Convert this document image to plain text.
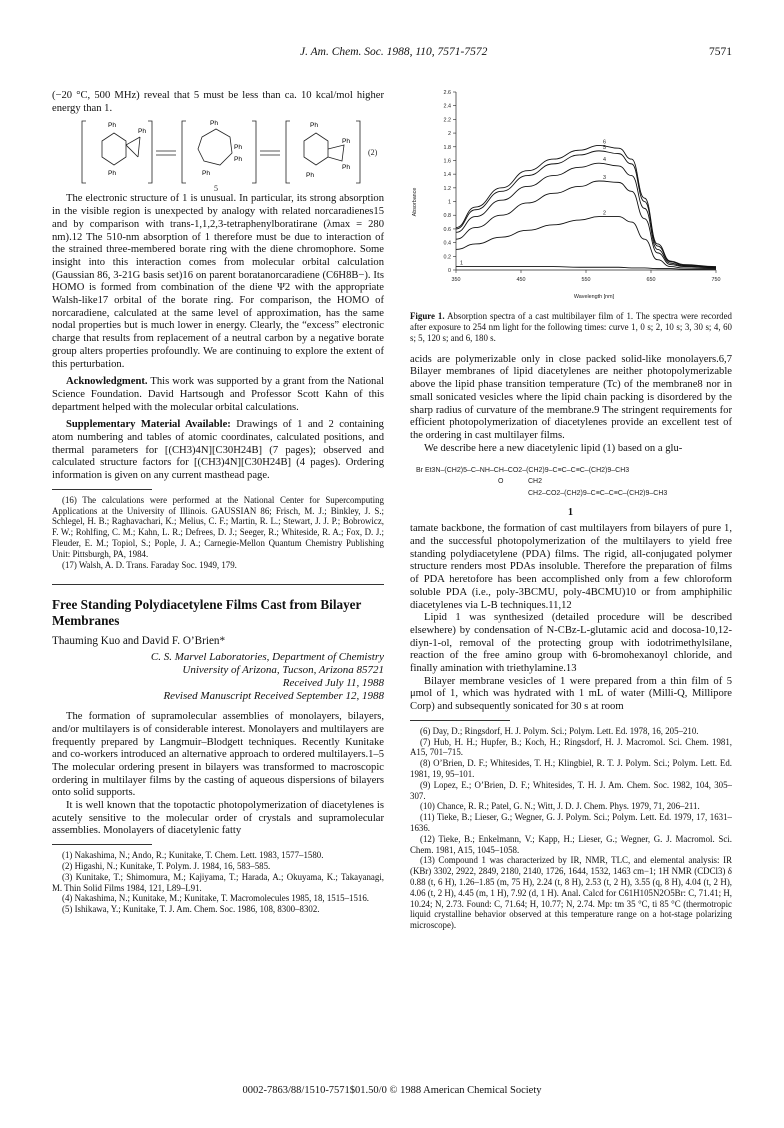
J. Am. Chem. Soc. 1988, 110, 7571-7572	7571

(−20 °C, 500 MHz) reveal that 5 must be less than ca. 10 kcal/mol higher energy than 1.

Ph
Ph
Ph
Ph
Ph
Ph
Ph
Ph
Ph
Ph
Ph
5
(2)

The electronic structure of 1 is unusual. In particular, its strong absorption in the visible region is unexpected by analogy with related norcaradienes15 and by comparison with trans-1,1,2,3-tetraphenylboratirane (λmax = 280 nm).12 The 510-nm absorption of 1 therefore must be due to interaction of the strained three-membered borate ring with the diene chromophore. Some insight into this interaction comes from molecular orbital calculation (Gaussian 86, 3-21G basis set)16 on parent boratanorcaradiene (C6H8B−). Its HOMO is formed from combination of the diene Ψ2 with the appropriate Walsh-like17 orbital of the borate ring. For comparison, the HOMO of norcaradiene, calculated at the same level of approximation, has the same nodal properties but is much lower in energy. Clearly, the “excess” electronic charge that results from replacement of a neutral carbon by a negative borate group alters properties profoundly. We are continuing to explore the extent of this perturbation.

Acknowledgment. This work was supported by a grant from the National Science Foundation. David Hartsough and Professor Scott Kahn of this department helped with the molecular orbital calculations.

Supplementary Material Available: Drawings of 1 and 2 containing atom numbering and tables of atomic coordinates, calculated positions, and thermal parameters for [(CH3)4N][C30H24B] (7 pages); observed and calculated structure factors for [(CH3)4N][C30H24B] (4 pages). Ordering information is given on any current masthead page.

(16) The calculations were performed at the National Center for Supercomputing Applications at the University of Illinois. GAUSSIAN 86; Frisch, M. J.; Binkley, J. S.; Schlegel, H. B.; Raghavachari, K.; Melius, C. F.; Martin, R. L.; Stewart, J. J. P.; Bobrowicz, F. W.; Rohlfing, C. M.; Kahn, L. R.; Defrees, D. J.; Seeger, R.; Whiteside, R. A.; Fox, D. J.; Fleuder, E. M.; Topiol, S.; Pople, J. A.; Carnegie-Mellon Quantum Chemistry Publishing Unit: Pittsburgh, PA, 1984.

(17) Walsh, A. D. Trans. Faraday Soc. 1949, 179.

Free Standing Polydiacetylene Films Cast from Bilayer Membranes
Thauming Kuo and David F. O’Brien*
C. S. Marvel Laboratories, Department of Chemistry
University of Arizona, Tucson, Arizona 85721
Received July 11, 1988
Revised Manuscript Received September 12, 1988

The formation of supramolecular assemblies of monolayers, bilayers, and/or multilayers is of considerable interest. Monolayers and multilayers are frequently prepared by Langmuir–Blodgett techniques. Recently Kunitake and co-workers introduced an alternative approach to ordered multilayers.1–5 The molecular ordering present in bilayers was transformed to macroscopic ordering in multilayer films by the casting of aqueous dispersions of bilayers onto solid supports.

It is well known that the topotactic photopolymerization of diacetylenes is acutely sensitive to the molecular order of crystals and supramolecular assemblies. Monolayers of diacetylenic fatty

(1) Nakashima, N.; Ando, R.; Kunitake, T. Chem. Lett. 1983, 1577–1580.

(2) Higashi, N.; Kunitake, T. Polym. J. 1984, 16, 583–585.

(3) Kunitake, T.; Shimomura, M.; Kajiyama, T.; Harada, A.; Okuyama, K.; Takayanagi, M. Thin Solid Films 1984, 121, L89–L91.

(4) Nakashima, N.; Kunitake, M.; Kunitake, T. Macromolecules 1985, 18, 1515–1516.

(5) Ishikawa, Y.; Kunitake, T. J. Am. Chem. Soc. 1986, 108, 8300–8302.

0
0.2
0.4
0.6
0.8
1
1.2
1.4
1.6
1.8
2
2.2
2.4
2.6
350	450	550	650	750
1
2
3
4
5
6
Absorbance
Wavelength [nm]

Figure 1. Absorption spectra of a cast multibilayer film of 1. The spectra were recorded after exposure to 254 nm light for the following times: curve 1, 0 s; 2, 10 s; 3, 30 s; 4, 60 s; 5, 120 s; and 6, 180 s.

acids are polymerizable only in close packed solid-like monolayers.6,7 Bilayer membranes of lipid diacetylenes are neither photopolymerizable above the lipid phase transition temperature (Tc) of the membrane8 nor in small sonicated vesicles where the lipid chain packing is disordered by the sharp radius of curvature of the membrane.9 The stringent requirements for efficient photopolymerization of diacetylenes provide an excellent test of the ordering in cast multilayer films.

We describe here a new diacetylenic lipid (1) based on a glu-

Br Et3N–(CH2)5–C–NH–CH–CO2–(CH2)9–C≡C–C≡C–(CH2)9–CH3
O	CH2
CH2–CO2–(CH2)9–C≡C–C≡C–(CH2)9–CH3
1

tamate backbone, the formation of cast multilayers from bilayers of pure 1, and the successful photopolymerization of the multilayers to yield free standing polydiacetylene (PDA) films. The rigid, all-conjugated polymer structure renders most PDAs insoluble. Therefore the preparation of films of PDA heretofore has been accomplished only from a few chloroform soluble PDA (i.e., poly-3BCMU, poly-4BCMU)10 or from amphiphilic diacetylenes via L-B techniques.11,12

Lipid 1 was synthesized (detailed procedure will be described elsewhere) by condensation of N-CBz-L-glutamic acid and docosa-10,12-diyn-1-ol, removal of the protecting group with iodotrimethylsilane, reaction of the free amino group with 6-bromohexanoyl chloride, and finally amination with triethylamine.13

Bilayer membrane vesicles of 1 were prepared from a thin film of 5 μmol of 1, which was hydrated with 1 mL of water (Milli-Q, Millipore Corp) and subsequently sonicated for 30 s at room

(6) Day, D.; Ringsdorf, H. J. Polym. Sci.; Polym. Lett. Ed. 1978, 16, 205–210.

(7) Hub, H. H.; Hupfer, B.; Koch, H.; Ringsdorf, H. J. Macromol. Sci. Chem. 1981, A15, 701–715.

(8) O’Brien, D. F.; Whitesides, T. H.; Klingbiel, R. T. J. Polym. Sci.; Polym. Lett. Ed. 1981, 19, 95–101.

(9) Lopez, E.; O’Brien, D. F.; Whitesides, T. H. J. Am. Chem. Soc. 1982, 104, 305–307.

(10) Chance, R. R.; Patel, G. N.; Witt, J. D. J. Chem. Phys. 1979, 71, 206–211.

(11) Tieke, B.; Lieser, G.; Wegner, G. J. Polym. Sci.; Polym. Lett. Ed. 1979, 17, 1631–1636.

(12) Tieke, B.; Enkelmann, V.; Kapp, H.; Lieser, G.; Wegner, G. J. Macromol. Sci. Chem. 1981, A15, 1045–1058.

(13) Compound 1 was characterized by IR, NMR, TLC, and elemental analysis: IR (KBr) 3302, 2922, 2849, 2180, 2140, 1726, 1644, 1532, 1463 cm−1; 1H NMR (CDCl3) δ 0.88 (t, 6 H), 1.26–1.85 (m, 75 H), 2.24 (t, 8 H), 2.53 (t, 2 H), 3.55 (q, 8 H), 4.04 (t, 2 H), 4.06 (t, 2 H), 4.45 (m, 1 H), 7.92 (d, 1 H). Anal. Calcd for C61H105N2O5Br: C, 71.41; H, 10.24; N, 2.73. Found: C, 71.64; H, 10.77; N, 2.74. Mp: tm 35 °C, ti 85 °C (thermotropic liquid crystalline behavior observed at this temperature range on a hot-stage polarizing microscope).

0002-7863/88/1510-7571$01.50/0 © 1988 American Chemical Society
